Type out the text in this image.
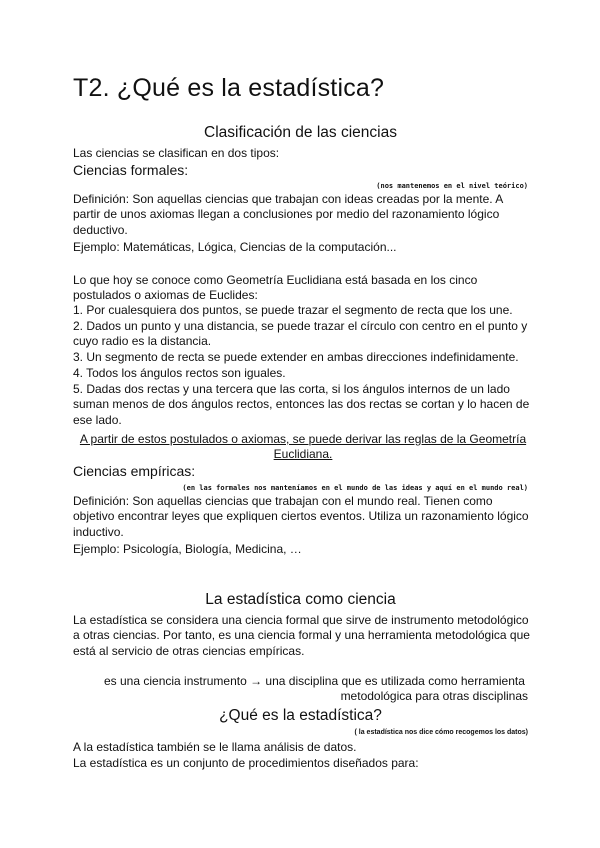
T2. ¿Qué es la estadística?
Clasificación de las ciencias
Las ciencias se clasifican en dos tipos:
Ciencias formales:
(nos mantenemos en el nivel teórico)
Definición: Son aquellas ciencias que trabajan con ideas creadas por la mente. A partir de unos axiomas llegan a conclusiones por medio del razonamiento lógico deductivo.
Ejemplo: Matemáticas, Lógica, Ciencias de la computación...
Lo que hoy se conoce como Geometría Euclidiana está basada en los cinco postulados o axiomas de Euclides:
1. Por cualesquiera dos puntos, se puede trazar el segmento de recta que los une.
2. Dados un punto y una distancia, se puede trazar el círculo con centro en el punto y cuyo radio es la distancia.
3. Un segmento de recta se puede extender en ambas direcciones indefinidamente.
4. Todos los ángulos rectos son iguales.
5. Dadas dos rectas y una tercera que las corta, si los ángulos internos de un lado suman menos de dos ángulos rectos, entonces las dos rectas se cortan y lo hacen de ese lado.
A partir de estos postulados o axiomas, se puede derivar las reglas de la Geometría Euclidiana.
Ciencias empíricas:
(en las formales nos manteníamos en el mundo de las ideas y aquí en el mundo real)
Definición: Son aquellas ciencias que trabajan con el mundo real. Tienen como objetivo encontrar leyes que expliquen ciertos eventos. Utiliza un razonamiento lógico inductivo.
Ejemplo: Psicología, Biología, Medicina, …
La estadística como ciencia
La estadística se considera una ciencia formal que sirve de instrumento metodológico a otras ciencias. Por tanto, es una ciencia formal y una herramienta metodológica que está al servicio de otras ciencias empíricas.
es una ciencia instrumento → una disciplina que es utilizada como herramienta
metodológica para otras disciplinas
¿Qué es la estadística?
( la estadística nos dice cómo recogemos los datos)
A la estadística también se le llama análisis de datos.
La estadística es un conjunto de procedimientos diseñados para:
